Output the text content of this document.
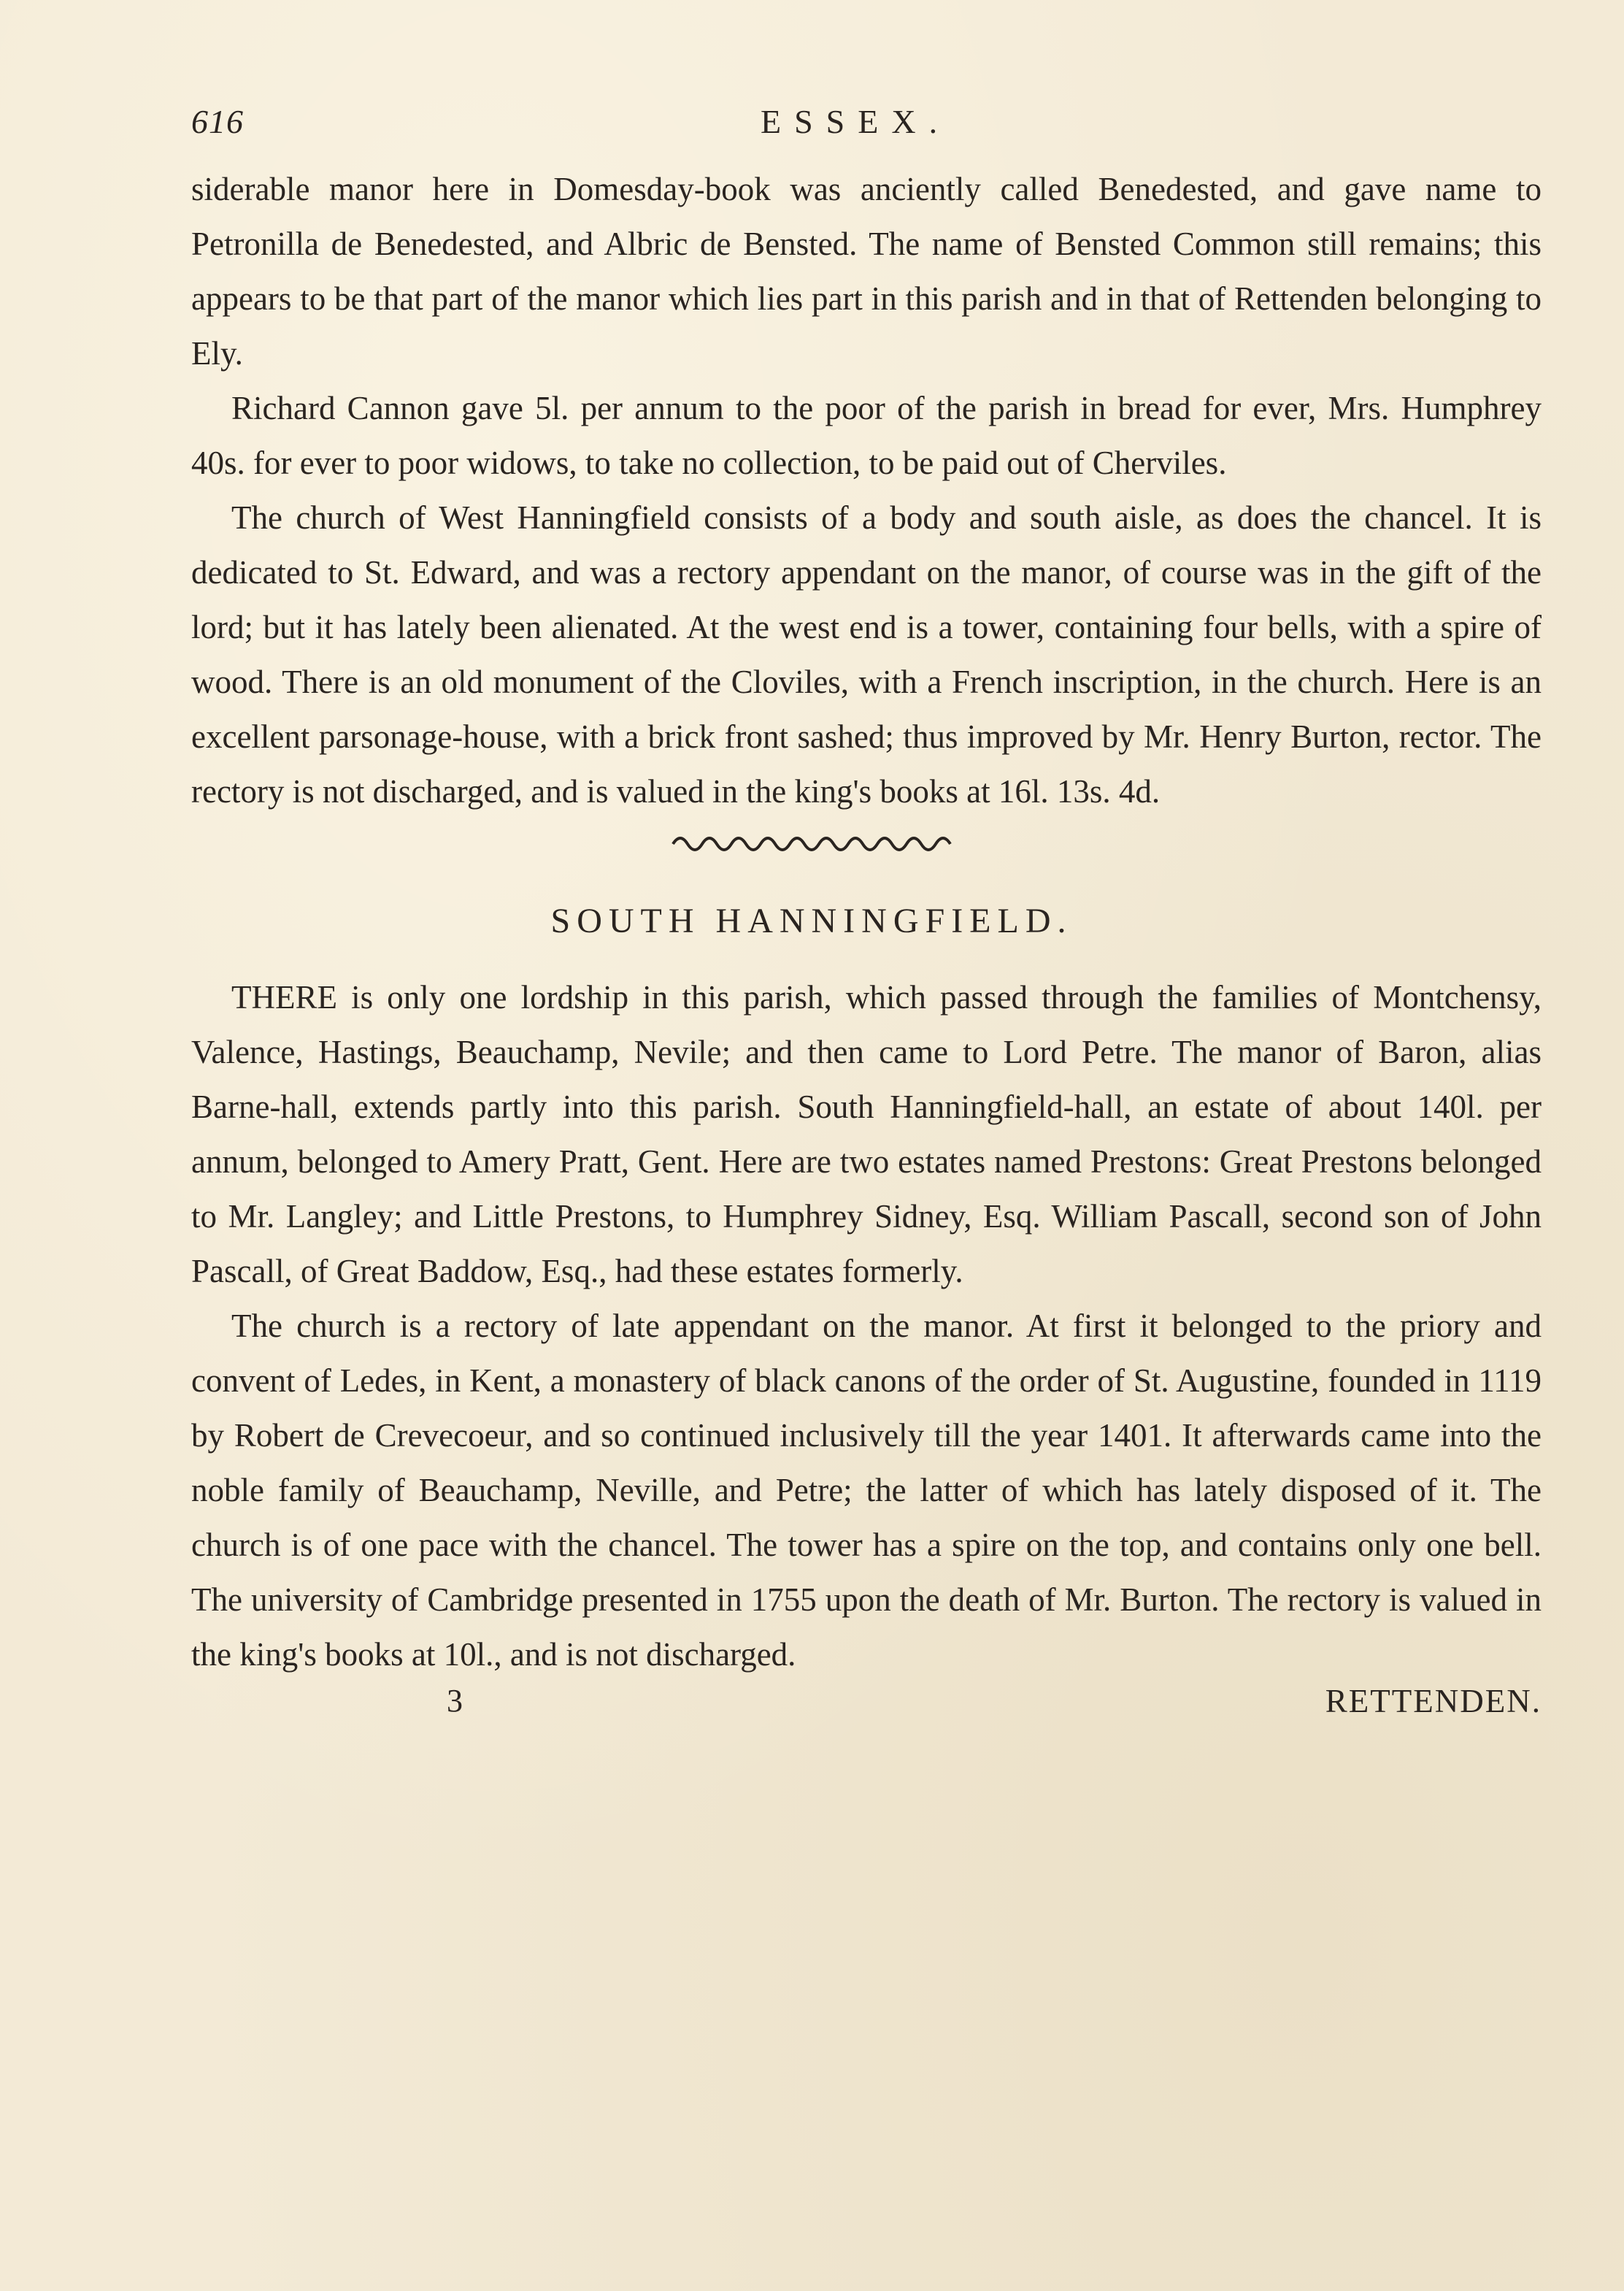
616	ESSEX.

siderable manor here in Domesday-book was anciently called Benedested, and gave name to Petronilla de Benedested, and Albric de Bensted. The name of Bensted Common still remains; this appears to be that part of the manor which lies part in this parish and in that of Rettenden belonging to Ely.

Richard Cannon gave 5l. per annum to the poor of the parish in bread for ever, Mrs. Humphrey 40s. for ever to poor widows, to take no collection, to be paid out of Cherviles.

The church of West Hanningfield consists of a body and south aisle, as does the chancel. It is dedicated to St. Edward, and was a rectory appendant on the manor, of course was in the gift of the lord; but it has lately been alienated. At the west end is a tower, containing four bells, with a spire of wood. There is an old monument of the Cloviles, with a French inscription, in the church. Here is an excellent parsonage-house, with a brick front sashed; thus improved by Mr. Henry Burton, rector. The rectory is not discharged, and is valued in the king's books at 16l. 13s. 4d.

SOUTH HANNINGFIELD.

THERE is only one lordship in this parish, which passed through the families of Montchensy, Valence, Hastings, Beauchamp, Nevile; and then came to Lord Petre. The manor of Baron, alias Barne-hall, extends partly into this parish. South Hanningfield-hall, an estate of about 140l. per annum, belonged to Amery Pratt, Gent. Here are two estates named Prestons: Great Prestons belonged to Mr. Langley; and Little Prestons, to Humphrey Sidney, Esq. William Pascall, second son of John Pascall, of Great Baddow, Esq., had these estates formerly.

The church is a rectory of late appendant on the manor. At first it belonged to the priory and convent of Ledes, in Kent, a monastery of black canons of the order of St. Augustine, founded in 1119 by Robert de Crevecoeur, and so continued inclusively till the year 1401. It afterwards came into the noble family of Beauchamp, Neville, and Petre; the latter of which has lately disposed of it. The church is of one pace with the chancel. The tower has a spire on the top, and contains only one bell. The university of Cambridge presented in 1755 upon the death of Mr. Burton. The rectory is valued in the king's books at 10l., and is not discharged.

3	RETTENDEN.
